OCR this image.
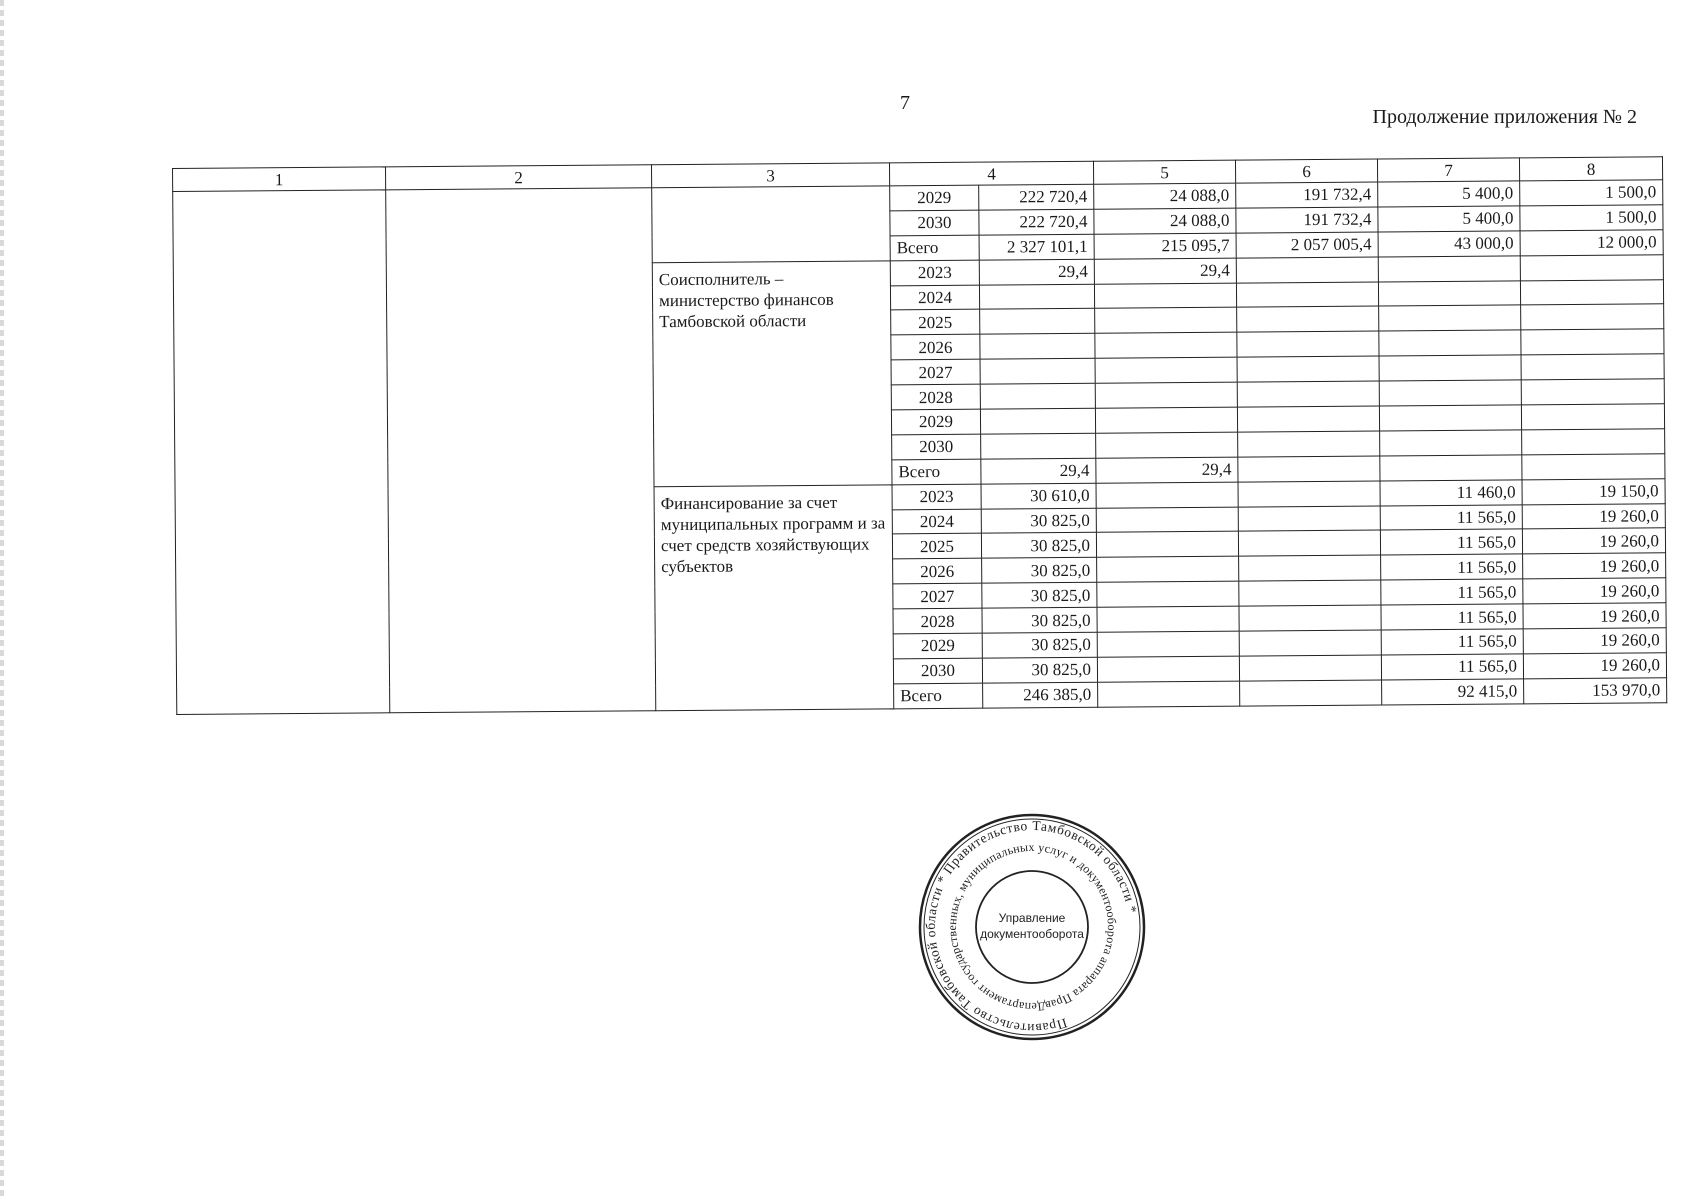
7
Продолжение приложения № 2
1	2	3	4		5	6	7	8
			2029	222 720,4	24 088,0	191 732,4	5 400,0	1 500,0
			2030	222 720,4	24 088,0	191 732,4	5 400,0	1 500,0
			Всего	2 327 101,1	215 095,7	2 057 005,4	43 000,0	12 000,0
		Соисполнитель – министерство финансов Тамбовской области	2023	29,4	29,4			
			2024					
			2025					
			2026					
			2027					
			2028					
			2029					
			2030					
			Всего	29,4	29,4			
		Финансирование за счет муниципальных программ и за счет средств хозяйствующих субъектов	2023	30 610,0			11 460,0	19 150,0
			2024	30 825,0			11 565,0	19 260,0
			2025	30 825,0			11 565,0	19 260,0
			2026	30 825,0			11 565,0	19 260,0
			2027	30 825,0			11 565,0	19 260,0
			2028	30 825,0			11 565,0	19 260,0
			2029	30 825,0			11 565,0	19 260,0
			2030	30 825,0			11 565,0	19 260,0
			Всего	246 385,0			92 415,0	153 970,0
Правительство Тамбовской области * Правительство Тамбовской области *
Департамент государственных, муниципальных услуг и документооборота аппарата Правительства
Управление
документооборота
